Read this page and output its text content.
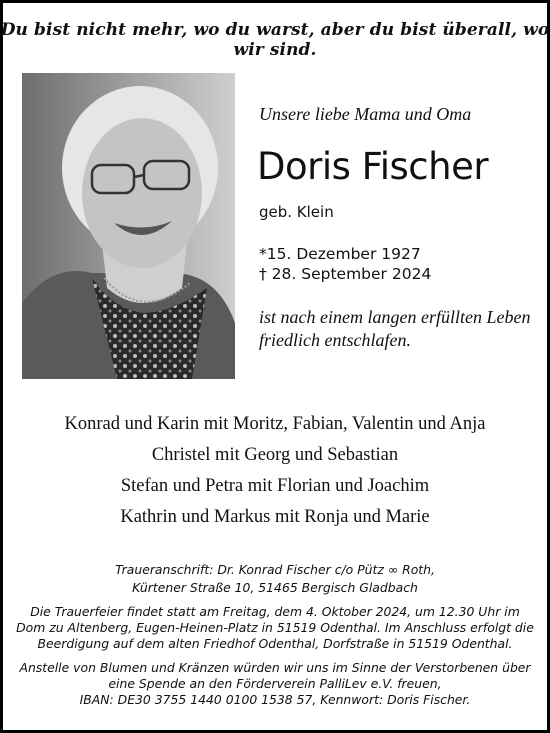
Du bist nicht mehr, wo du warst, aber du bist überall, wo wir sind.
Unsere liebe Mama und Oma
Doris Fischer
geb. Klein
*15. Dezember 1927
† 28. September 2024
ist nach einem langen erfüllten Leben
friedlich entschlafen.
Konrad und Karin mit Moritz, Fabian, Valentin und Anja
Christel mit Georg und Sebastian
Stefan und Petra mit Florian und Joachim
Kathrin und Markus mit Ronja und Marie
Traueranschrift: Dr. Konrad Fischer c/o Pütz ∞ Roth,
Kürtener Straße 10, 51465 Bergisch Gladbach
Die Trauerfeier findet statt am Freitag, dem 4. Oktober 2024, um 12.30 Uhr im
Dom zu Altenberg, Eugen-Heinen-Platz in 51519 Odenthal. Im Anschluss erfolgt die
Beerdigung auf dem alten Friedhof Odenthal, Dorfstraße in 51519 Odenthal.
Anstelle von Blumen und Kränzen würden wir uns im Sinne der Verstorbenen über
eine Spende an den Förderverein PalliLev e.V. freuen,
IBAN: DE30 3755 1440 0100 1538 57, Kennwort: Doris Fischer.
